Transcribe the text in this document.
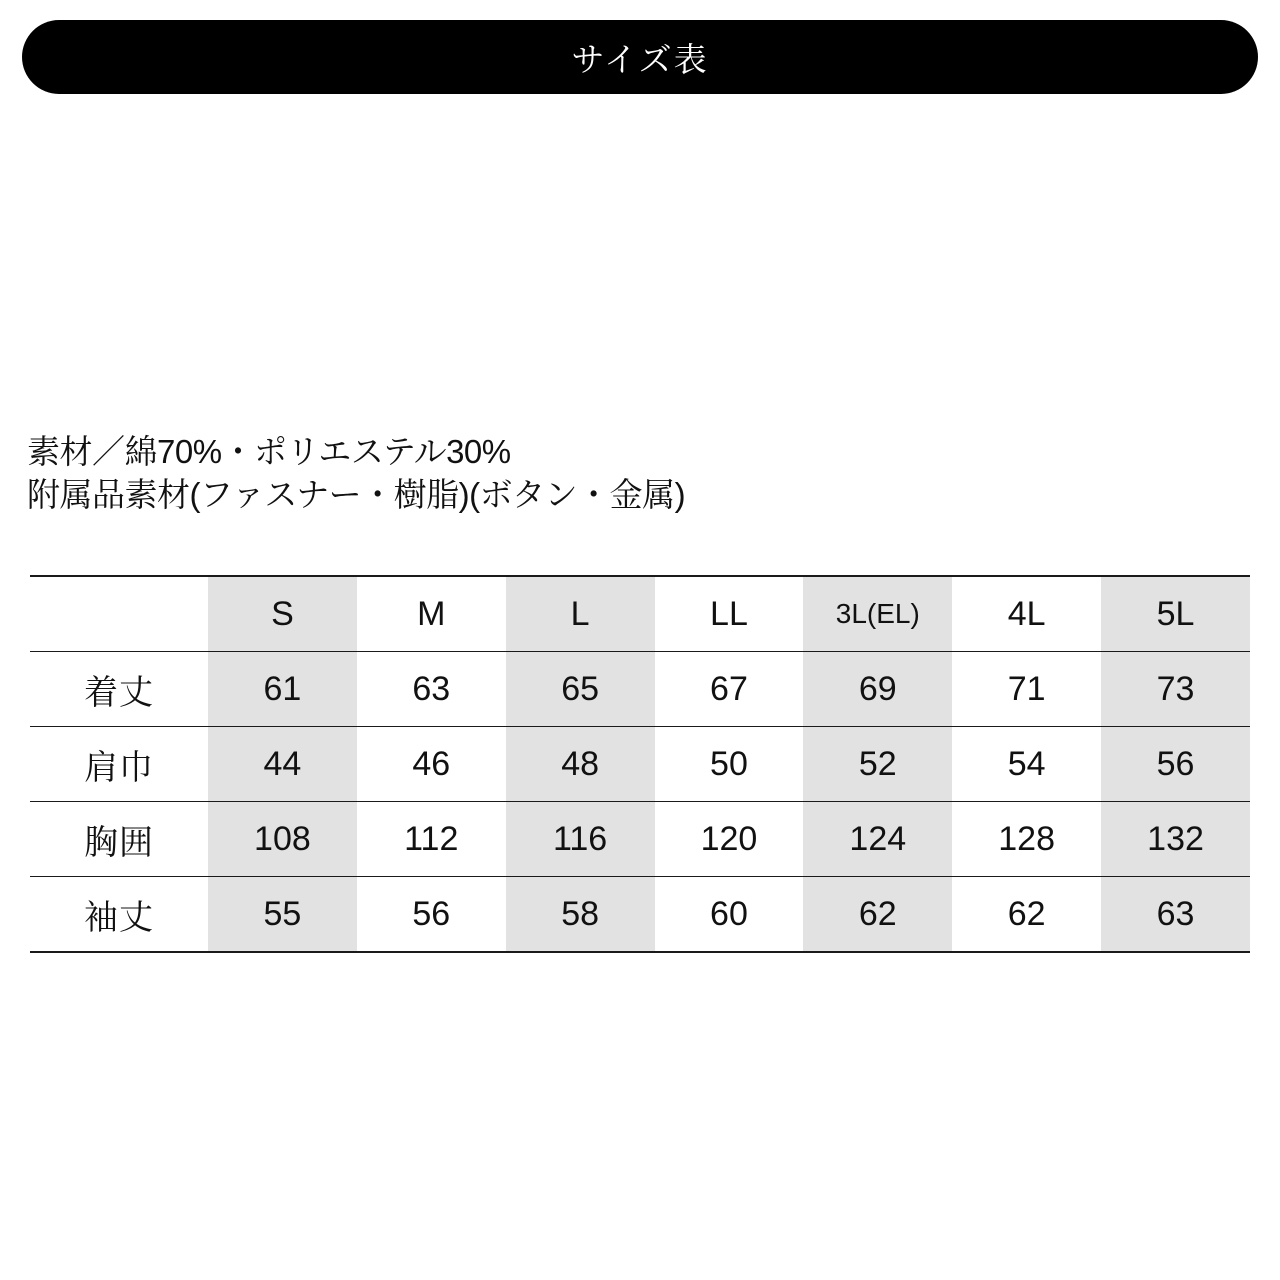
サイズ表
素材／綿70%・ポリエステル30%
附属品素材(ファスナー・樹脂)(ボタン・金属)
	S	M	L	LL	3L(EL)	4L	5L
着丈	61	63	65	67	69	71	73
肩巾	44	46	48	50	52	54	56
胸囲	108	112	116	120	124	128	132
袖丈	55	56	58	60	62	62	63
